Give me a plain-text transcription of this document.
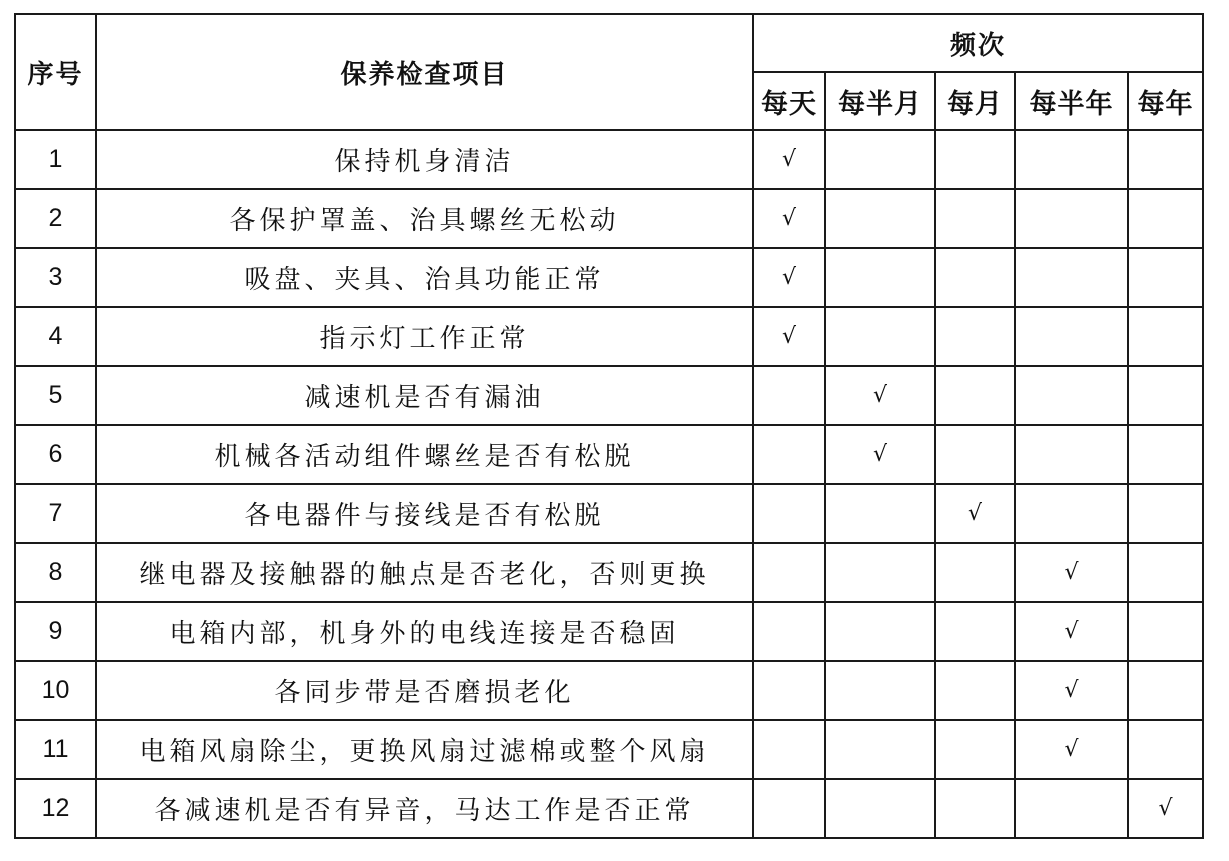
序号	保养检查项目	频次				
		每天	每半月	每月	每半年	每年
1	保持机身清洁	√				
2	各保护罩盖、治具螺丝无松动	√				
3	吸盘、夹具、治具功能正常	√				
4	指示灯工作正常	√				
5	减速机是否有漏油		√			
6	机械各活动组件螺丝是否有松脱		√			
7	各电器件与接线是否有松脱			√		
8	继电器及接触器的触点是否老化，否则更换				√	
9	电箱内部，机身外的电线连接是否稳固				√	
10	各同步带是否磨损老化				√	
11	电箱风扇除尘，更换风扇过滤棉或整个风扇				√	
12	各减速机是否有异音，马达工作是否正常					√
